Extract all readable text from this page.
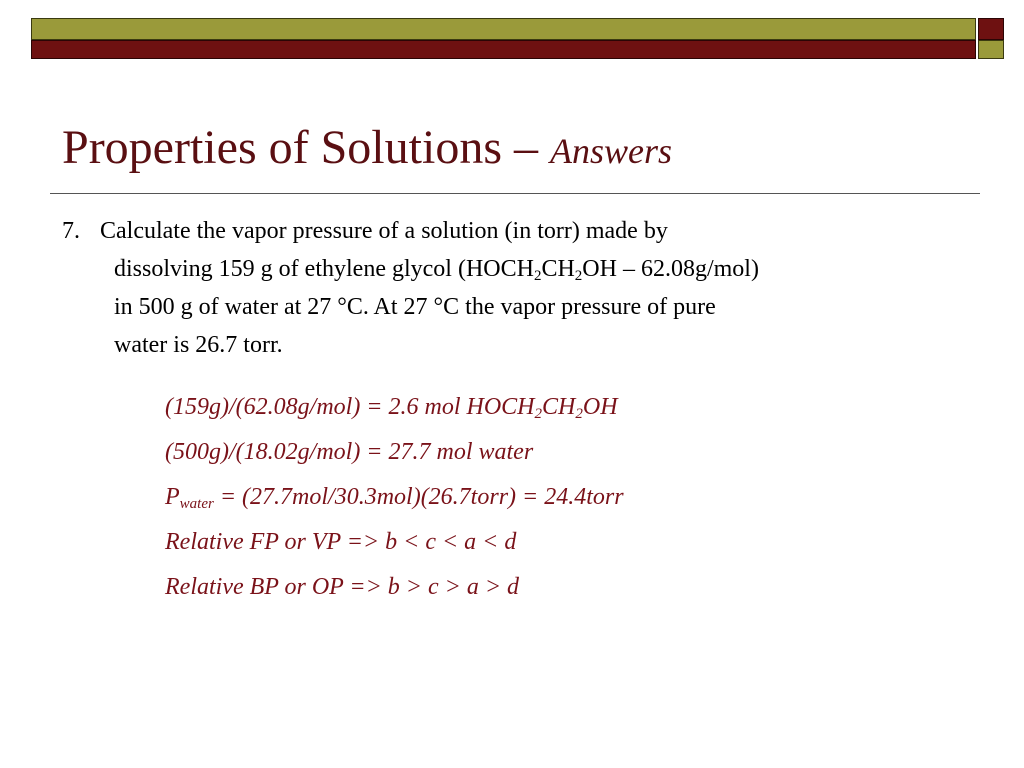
Properties of Solutions – Answers
7. Calculate the vapor pressure of a solution (in torr) made by
dissolving 159 g of ethylene glycol $(HOCH_2CH_2OH - 62.08g/mol)$
in 500 g of water at 27 °C. At 27 °C the vapor pressure of pure
water is 26.7 torr.
(159g)/(62.08g/mol) = 2.6 mol $HOCH_2CH_2OH$
(500g)/(18.02g/mol) = 27.7 mol water
$P_{water}$ = (27.7mol/30.3mol)(26.7torr) = 24.4torr
Relative FP or VP => b < c < a < d
Relative BP or OP => b > c > a > d
